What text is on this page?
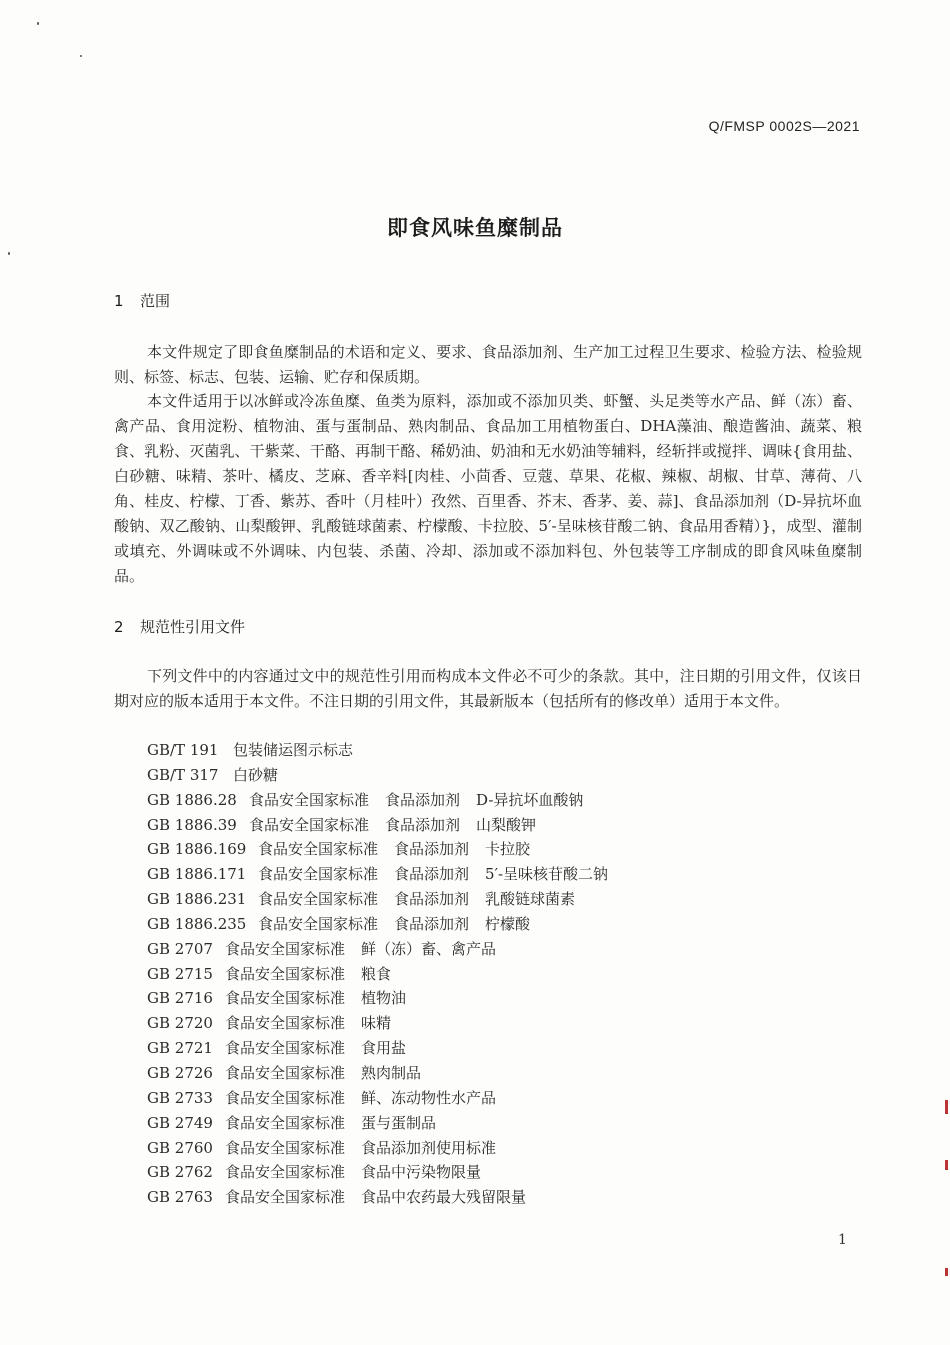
Q/FMSP 0002S—2021
即食风味鱼糜制品
1 范围
本文件规定了即食鱼糜制品的术语和定义、要求、食品添加剂、生产加工过程卫生要求、检验方法、检验规则、标签、标志、包装、运输、贮存和保质期。
本文件适用于以冰鲜或冷冻鱼糜、鱼类为原料，添加或不添加贝类、虾蟹、头足类等水产品、鲜（冻）畜、禽产品、食用淀粉、植物油、蛋与蛋制品、熟肉制品、食品加工用植物蛋白、DHA藻油、酿造酱油、蔬菜、粮食、乳粉、灭菌乳、干紫菜、干酪、再制干酪、稀奶油、奶油和无水奶油等辅料，经斩拌或搅拌、调味{食用盐、白砂糖、味精、茶叶、橘皮、芝麻、香辛料[肉桂、小茴香、豆蔻、草果、花椒、辣椒、胡椒、甘草、薄荷、八角、桂皮、柠檬、丁香、紫苏、香叶（月桂叶）孜然、百里香、芥末、香茅、姜、蒜]、食品添加剂（D-异抗坏血酸钠、双乙酸钠、山梨酸钾、乳酸链球菌素、柠檬酸、卡拉胶、5′-呈味核苷酸二钠、食品用香精）}，成型、灌制或填充、外调味或不外调味、内包装、杀菌、冷却、添加或不添加料包、外包装等工序制成的即食风味鱼糜制品。
2 规范性引用文件
下列文件中的内容通过文中的规范性引用而构成本文件必不可少的条款。其中，注日期的引用文件，仅该日期对应的版本适用于本文件。不注日期的引用文件，其最新版本（包括所有的修改单）适用于本文件。
GB/T 191 包装储运图示标志
GB/T 317 白砂糖
GB 1886.28 食品安全国家标准 食品添加剂 D-异抗坏血酸钠
GB 1886.39 食品安全国家标准 食品添加剂 山梨酸钾
GB 1886.169 食品安全国家标准 食品添加剂 卡拉胶
GB 1886.171 食品安全国家标准 食品添加剂 5′-呈味核苷酸二钠
GB 1886.231 食品安全国家标准 食品添加剂 乳酸链球菌素
GB 1886.235 食品安全国家标准 食品添加剂 柠檬酸
GB 2707 食品安全国家标准 鲜（冻）畜、禽产品
GB 2715 食品安全国家标准 粮食
GB 2716 食品安全国家标准 植物油
GB 2720 食品安全国家标准 味精
GB 2721 食品安全国家标准 食用盐
GB 2726 食品安全国家标准 熟肉制品
GB 2733 食品安全国家标准 鲜、冻动物性水产品
GB 2749 食品安全国家标准 蛋与蛋制品
GB 2760 食品安全国家标准 食品添加剂使用标准
GB 2762 食品安全国家标准 食品中污染物限量
GB 2763 食品安全国家标准 食品中农药最大残留限量
1
